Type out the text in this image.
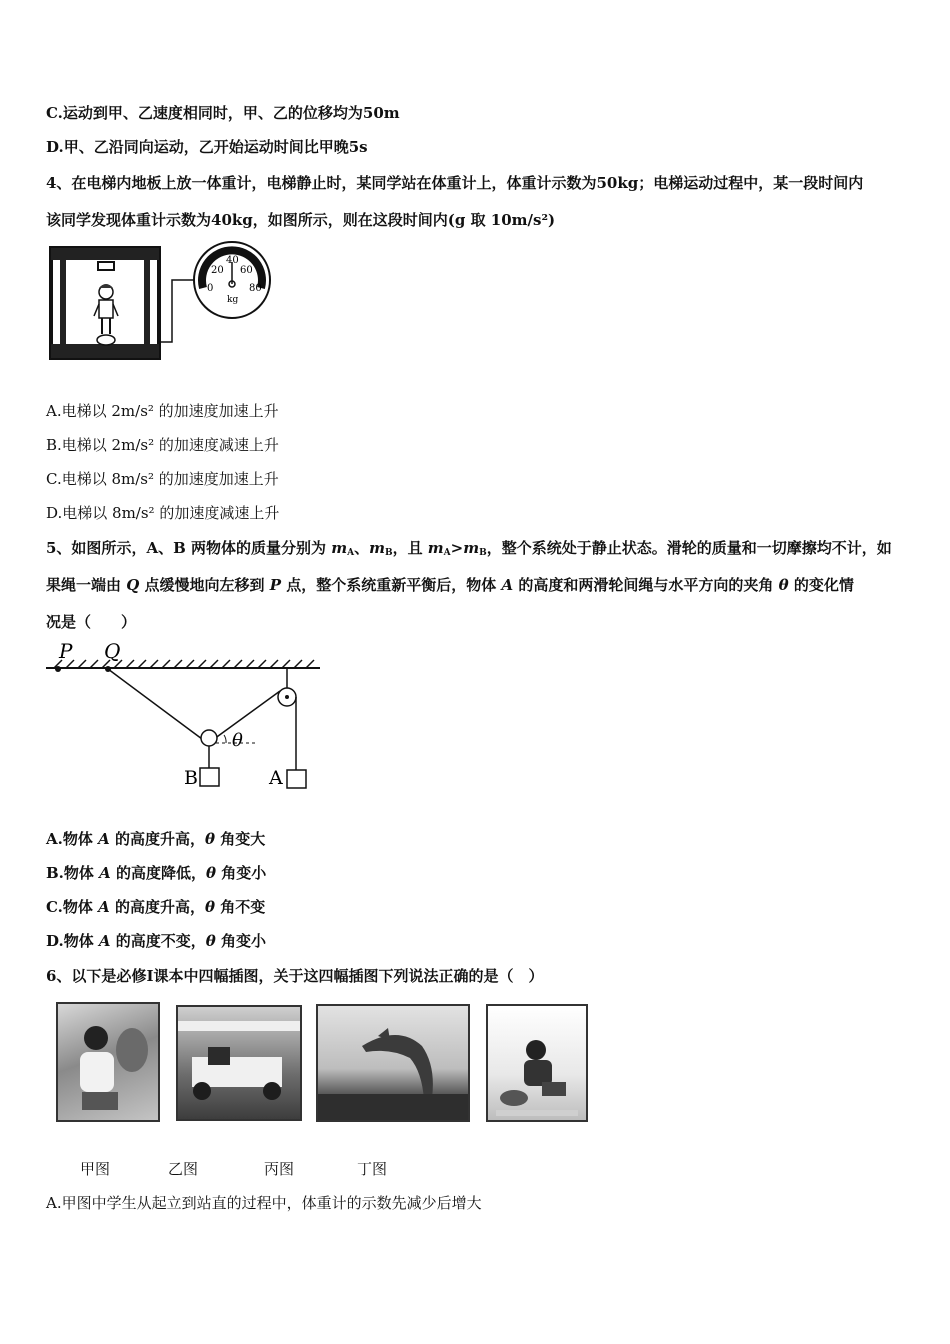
C.运动到甲、乙速度相同时，甲、乙的位移均为50m
D.甲、乙沿同向运动，乙开始运动时间比甲晚5s
4、在电梯内地板上放一体重计，电梯静止时，某同学站在体重计上，体重计示数为50kg；电梯运动过程中，某一段时间内
该同学发现体重计示数为40kg，如图所示，则在这段时间内(g 取 10m/s²)
0
20
40
60
80
kg
A.电梯以 2m/s² 的加速度加速上升
B.电梯以 2m/s² 的加速度减速上升
C.电梯以 8m/s² 的加速度加速上升
D.电梯以 8m/s² 的加速度减速上升
5、如图所示，A、B 两物体的质量分别为 $m_A$、$m_B$，且 $m_A>m_B$，整个系统处于静止状态。滑轮的质量和一切摩擦均不计，如
果绳一端由 Q 点缓慢地向左移到 P 点，整个系统重新平衡后，物体 A 的高度和两滑轮间绳与水平方向的夹角 θ 的变化情
况是（　　）
P Q
B
θ
A
A.物体 A 的高度升高，θ 角变大
B.物体 A 的高度降低，θ 角变小
C.物体 A 的高度升高，θ 角不变
D.物体 A 的高度不变，θ 角变小
6、以下是必修Ⅰ课本中四幅插图，关于这四幅插图下列说法正确的是（　）
甲图	乙图	丙图	丁图
A.甲图中学生从起立到站直的过程中，体重计的示数先减少后增大
